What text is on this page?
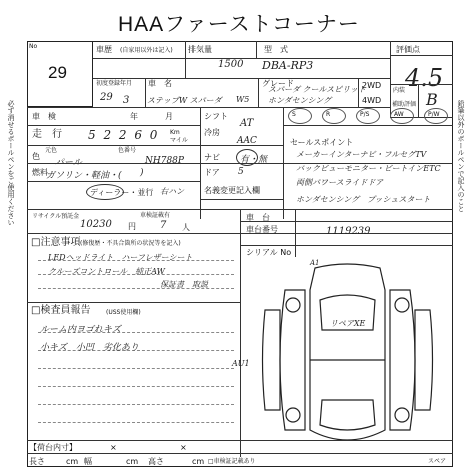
必ず消せるボールペンをご使用ください	鉛筆以外のボールペンで記入のこと
HAAファーストコーナー
No
29
車歴 (自家用以外は記入) 排気量	型　式	評価点
1500 DBA-RP3	4.5
初度登録年月 車　名	グレード
29 3 ステップW スパーダ W5
スパーダ クールスピリット
ホンダセンシング
2WD
4WD
内装
補助評価 B
車　検	年	月	シフト
AT
S	R	P/S	AW	P/W
走　行 5 2 2 6 0 Km
マイル
色
元色	色番号
パール	NH788P
冷房
AAC
ナビ 有・無
燃料
ガソリン・軽油・( )	ドア 5
ディーラー・並行 右ハン
セールスポイント
メーカーインターナビ・フルセグTV
バックビューモニター・ビートインETC
両側パワースライドドア
ホンダセンシング　プッシュスタート
名義変更記入欄
リサイクル預託金
10230 円
車検証載有
7 人
車　台
車台番号	1119239
シリアル No
□注意事項 (修復歴・不具合箇所の状況等を記入)
LEDヘッドライト　ハーフレザーシート
クルーズコントロール　純正AW
保証書　取説
□検査員報告	(USS使用欄)
ルーム内ヨゴれキズ
小キズ　小凹　劣化あり
A1
リペアXE
AU1
【荷台内寸】	×	×
長さ	cm 幅	cm 高さ	cm □車検証記載あり	スペア
